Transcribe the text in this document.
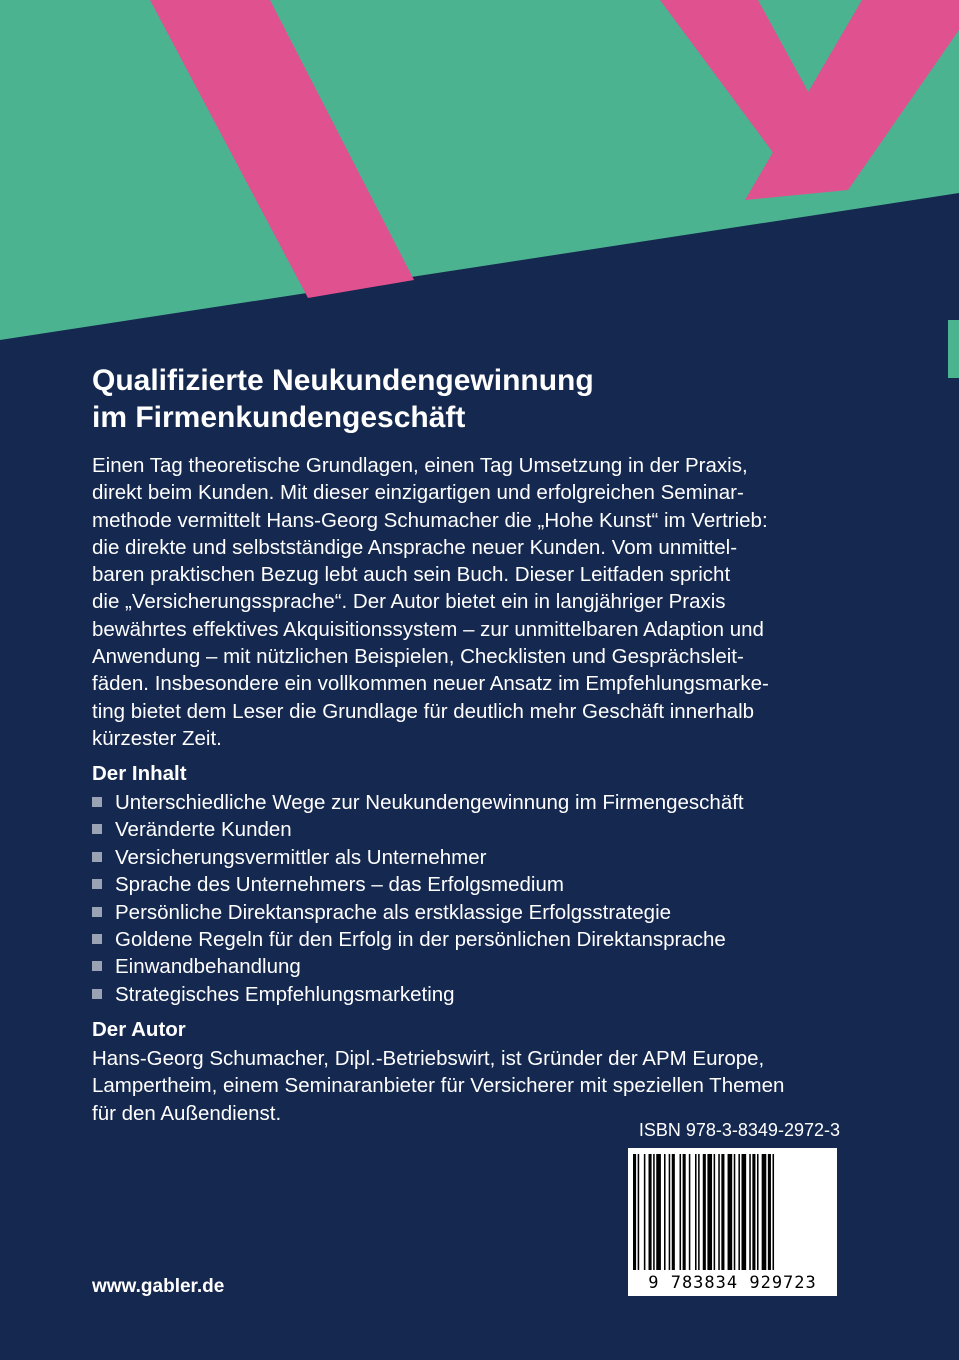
Qualifizierte Neukundengewinnung
im Firmenkundengeschäft

Einen Tag theoretische Grundlagen, einen Tag Umsetzung in der Praxis,
direkt beim Kunden. Mit dieser einzigartigen und erfolgreichen Seminar-
methode vermittelt Hans-Georg Schumacher die „Hohe Kunst“ im Vertrieb:
die direkte und selbstständige Ansprache neuer Kunden. Vom unmittel-
baren praktischen Bezug lebt auch sein Buch. Dieser Leitfaden spricht
die „Versicherungssprache“. Der Autor bietet ein in langjähriger Praxis
bewährtes effektives Akquisitionssystem – zur unmittelbaren Adaption und
Anwendung – mit nützlichen Beispielen, Checklisten und Gesprächsleit-
fäden. Insbesondere ein vollkommen neuer Ansatz im Empfehlungsmarke-
ting bietet dem Leser die Grundlage für deutlich mehr Geschäft innerhalb
kürzester Zeit.

Der Inhalt
Unterschiedliche Wege zur Neukundengewinnung im Firmengeschäft
Veränderte Kunden
Versicherungsvermittler als Unternehmer
Sprache des Unternehmers – das Erfolgsmedium
Persönliche Direktansprache als erstklassige Erfolgsstrategie
Goldene Regeln für den Erfolg in der persönlichen Direktansprache
Einwandbehandlung
Strategisches Empfehlungsmarketing
Der Autor

Hans-Georg Schumacher, Dipl.-Betriebswirt, ist Gründer der APM Europe,
Lampertheim, einem Seminaranbieter für Versicherer mit speziellen Themen
für den Außendienst.

ISBN 978-3-8349-2972-3

9 783834 929723

www.gabler.de
